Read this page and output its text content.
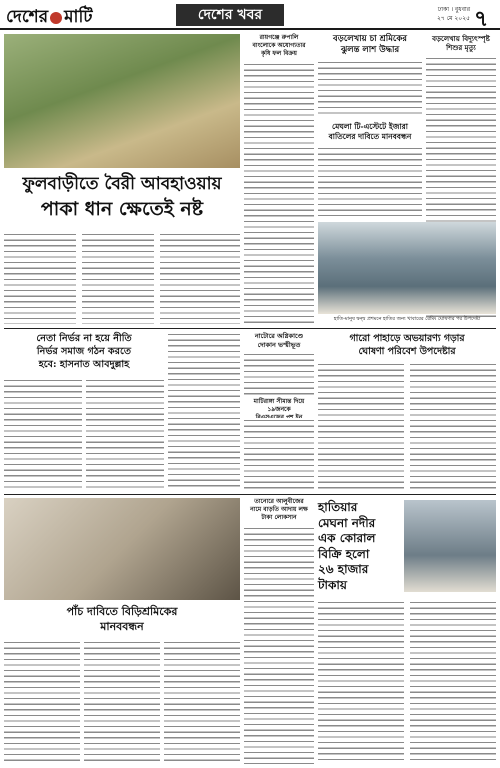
দেশের মাটি	দেশের খবর	ঢাকা । বুধবার
২৭ মে ২০২৫ ৭
ফুলবাড়ীতে বৈরী আবহাওয়ায়
পাকা ধান ক্ষেতেই নষ্ট
রায়গঞ্জে রুপালি
বাংলোকে অযোগ্যতার
কৃষি ফল বিক্রয়
বড়লেখায় চা শ্রমিকের
ঝুলন্ত লাশ উদ্ধার
বড়লেখায় বিদ্যুৎস্পৃষ্ট
শিশুর মৃত্যু
মেঘলা টি-এস্টেটে ইজারা
বাতিলের দাবিতে মানববন্ধন
হাতি-মানুষ দ্বন্দ্ব প্রশমনে হাতির জন্য খাবারের রেমিং ঘোষণার পর উপদেষ্টা
নেতা নির্ভর না হয়ে নীতি
নির্ভর সমাজ গঠন করতে
হবে: হাসনাত আবদুল্লাহ
নাটোরে অগ্নিকাণ্ডে
দোকান ভস্মীভূত
মাটিরাঙ্গা সীমান্ত দিয়ে ১৯জনকে
গারো পাহাড়ে অভয়ারণ্য গড়ার
ঘোষণা পরিবেশ উপদেষ্টার
পাঁচ দাবিতে বিড়িশ্রমিকের
মানববন্ধন
তানোরে আলুবীজের
নামে বাড়তি আদায় লক্ষ
টাকা লোকসান
হাতিয়ার
মেঘনা নদীর
এক কোরাল
বিক্রি হলো
২৬ হাজার
টাকায়
